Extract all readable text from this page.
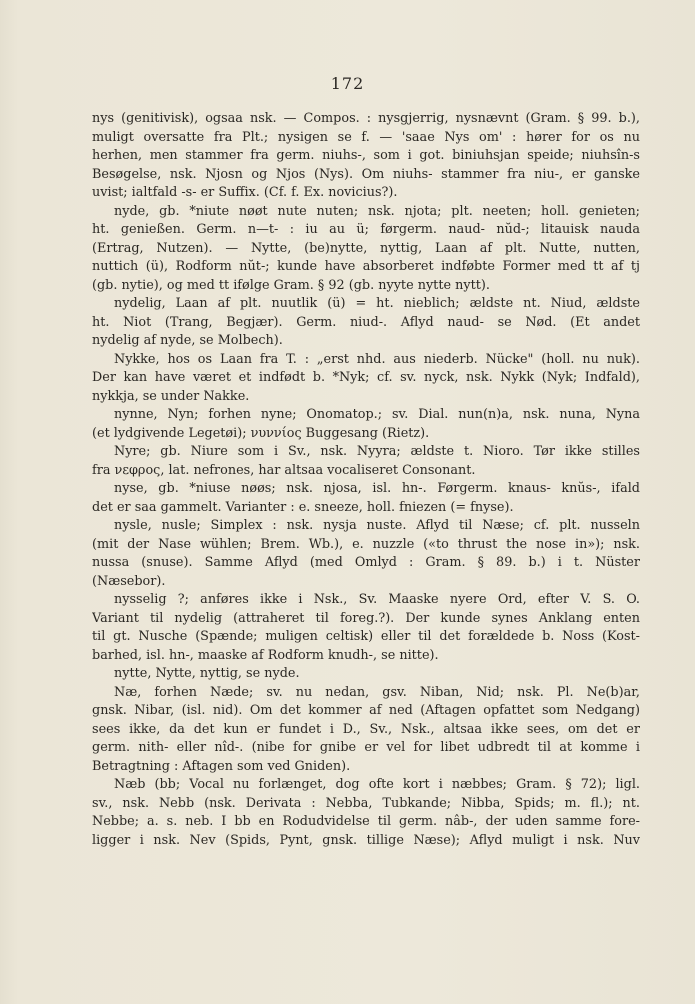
172
nys (genitivisk), ogsaa nsk. — Compos. : nysgjerrig, nysnævnt (Gram. § 99. b.),
muligt oversatte fra Plt.; nysigen se f. — 'saae Nys om' : hører for os nu
herhen, men stammer fra germ. niuhs-, som i got. biniuhsjan speide; niuhsîn-s
Besøgelse, nsk. Njosn og Njos (Nys). Om niuhs- stammer fra niu-, er ganske
uvist; ialtfald -s- er Suffix. (Cf. f. Ex. novicius?).
nyde, gb. *niute nøøt nute nuten; nsk. njota; plt. neeten; holl. genieten;
ht. genießen. Germ. n—t- : iu au ü; førgerm. naud- nŭd-; litauisk nauda
(Ertrag, Nutzen). — Nytte, (be)nytte, nyttig, Laan af plt. Nutte, nutten,
nuttich (ü), Rodform nŭt-; kunde have absorberet indføbte Former med tt af tj
(gb. nytie), og med tt ifølge Gram. § 92 (gb. nyyte nytte nytt).
nydelig, Laan af plt. nuutlik (ü) = ht. nieblich; ældste nt. Niud, ældste
ht. Niot (Trang, Begjær). Germ. niud-. Aflyd naud- se Nød. (Et andet
nydelig af nyde, se Molbech).
Nykke, hos os Laan fra T. : „erst nhd. aus niederb. Nücke" (holl. nu nuk).
Der kan have været et indfødt b. *Nyk; cf. sv. nyck, nsk. Nykk (Nyk; Indfald),
nykkja, se under Nakke.
nynne, Nyn; forhen nyne; Onomatop.; sv. Dial. nun(n)a, nsk. nuna, Nyna
(et lydgivende Legetøi); νυννίος Buggesang (Rietz).
Nyre; gb. Niure som i Sv., nsk. Nyyra; ældste t. Nioro. Tør ikke stilles
fra νεφρος, lat. nefrones, har altsaa vocaliseret Consonant.
nyse, gb. *niuse nøøs; nsk. njosa, isl. hn-. Førgerm. knaus- knŭs-, ifald
det er saa gammelt. Varianter : e. sneeze, holl. fniezen (= fnyse).
nysle, nusle; Simplex : nsk. nysja nuste. Aflyd til Næse; cf. plt. nusseln
(mit der Nase wühlen; Brem. Wb.), e. nuzzle («to thrust the nose in»); nsk.
nussa (snuse). Samme Aflyd (med Omlyd : Gram. § 89. b.) i t. Nüster
(Næsebor).
nysselig ?; anføres ikke i Nsk., Sv. Maaske nyere Ord, efter V. S. O.
Variant til nydelig (attraheret til foreg.?). Der kunde synes Anklang enten
til gt. Nusche (Spænde; muligen celtisk) eller til det forældede b. Noss (Kost-
barhed, isl. hn-, maaske af Rodform knudh-, se nitte).
nytte, Nytte, nyttig, se nyde.
Næ, forhen Næde; sv. nu nedan, gsv. Niban, Nid; nsk. Pl. Ne(b)ar,
gnsk. Nibar, (isl. nid). Om det kommer af ned (Aftagen opfattet som Nedgang)
sees ikke, da det kun er fundet i D., Sv., Nsk., altsaa ikke sees, om det er
germ. nith- eller nîd-. (nibe for gnibe er vel for libet udbredt til at komme i
Betragtning : Aftagen som ved Gniden).
Næb (bb; Vocal nu forlænget, dog ofte kort i næbbes; Gram. § 72); ligl.
sv., nsk. Nebb (nsk. Derivata : Nebba, Tubkande; Nibba, Spids; m. fl.); nt.
Nebbe; a. s. neb. I bb en Rodudvidelse til germ. nâb-, der uden samme fore-
ligger i nsk. Nev (Spids, Pynt, gnsk. tillige Næse); Aflyd muligt i nsk. Nuv
